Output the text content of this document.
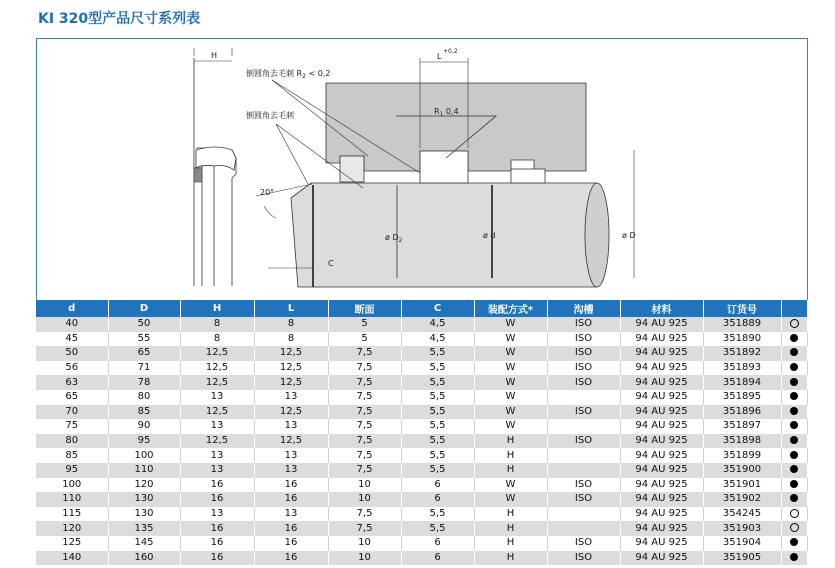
KI 320型产品尺寸系列表
H	L
+0,2
$R_1$ 0,4
倒圆角去毛刺 $R_2 < 0,2$
倒圆角去毛刺
20°
C
ø $D_2$
ø d	ø D
d	D	H	L	断面	C	装配方式*	沟槽	材料	订货号	
40	50	8	8	5	4,5	W	ISO	94 AU 925	351889	
45	55	8	8	5	4,5	W	ISO	94 AU 925	351890	
50	65	12,5	12,5	7,5	5,5	W	ISO	94 AU 925	351892	
56	71	12,5	12,5	7,5	5,5	W	ISO	94 AU 925	351893	
63	78	12,5	12,5	7,5	5,5	W	ISO	94 AU 925	351894	
65	80	13	13	7,5	5,5	W		94 AU 925	351895	
70	85	12,5	12,5	7,5	5,5	W	ISO	94 AU 925	351896	
75	90	13	13	7,5	5,5	W		94 AU 925	351897	
80	95	12,5	12,5	7,5	5,5	H	ISO	94 AU 925	351898	
85	100	13	13	7,5	5,5	H		94 AU 925	351899	
95	110	13	13	7,5	5,5	H		94 AU 925	351900	
100	120	16	16	10	6	W	ISO	94 AU 925	351901	
110	130	16	16	10	6	W	ISO	94 AU 925	351902	
115	130	13	13	7,5	5,5	H		94 AU 925	354245	
120	135	16	16	7,5	5,5	H		94 AU 925	351903	
125	145	16	16	10	6	H	ISO	94 AU 925	351904	
140	160	16	16	10	6	H	ISO	94 AU 925	351905	
